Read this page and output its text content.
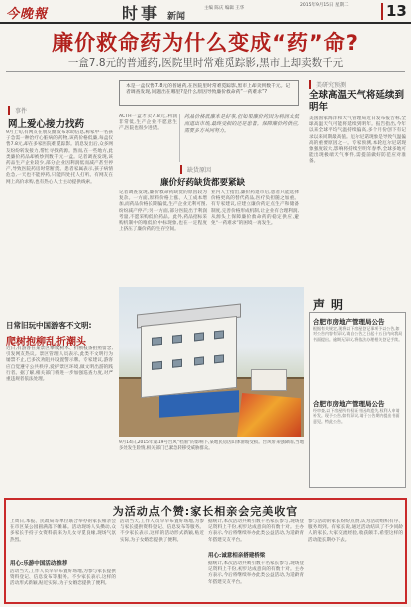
今晚報	时事 新闻
主编 陈庆 编辑 王华
2015年9月15日 星期二	13
廉价救命药为什么变成“药”命?
一盒7.8元的普通药,医院里时常难觅踪影,黑市上却卖数千元
事件
网上爱心接力找药
9月上旬,有网友在朋友圈发布求助信息,称家中一名孩子急需一种治疗心脏病的药物,该药价格低廉,每盒仅售7.8元,却在多家医院难觅踪影。消息发出后,众多网友纷纷转发接力,帮忙寻找药源。然而,在一些地方,此类廉价药品却被炒到数千元一盒。记者调查发现,该药品生产企业较少,部分企业因利润低而减产甚至停产,导致医院药房时常断货。患者家属表示,孩子病情危急,一天也不能停药,只能四处托人打听。有网友在网上高价求购,也有热心人士主动提供线索。
日常旧玩中国游客不文明:
爬树抱柳乱折潮头
近日,有游客在某景区攀爬树木、折断枝条拍照留念,引发网友热议。景区管理人员表示,此类不文明行为屡禁不止,已多次劝阻并设置警示牌。专家建议,游客应自觉遵守公共秩序,爱护景区环境,做文明出游的践行者。据了解,相关部门将进一步加强巡查力度,对严重违规者依法处理。
本是一盒仅售7.8元的普通药,在医院里时常难觅踪影,黑市上却卖到数千元。记者调查发现,问题出在哪里?是什么原因导致廉价救命药“一药难求”?
ACTH一盒才卖7.8元,利润非常低,生产企业不愿意生产,医院也很少进货。
药品价格低廉本是好事,但如果廉价药因为利润太低而退出市场,最终受损的还是患者。保障廉价药供应,需要多方共同努力。
缺货原因
廉价好药缺货都要紧缺
记者调查发现,廉价救命药缺货的原因较为复杂。一方面,原料价格上涨、人工成本增加,而药品价格长期偏低,生产企业无利可图,纷纷减产停产;另一方面,部分医院出于利润考量,不愿采购低价药品。此外,药品招标采购机制中的唯低价中标现象,也在一定程度上挤压了廉价药的生存空间。
业内人士指出,廉价药退市后,患者只能选择价格更高的替代药品,医疗负担随之加重。有专家建议,应建立廉价药定点生产和储备制度,完善价格形成机制,让企业有合理利润,从源头上保障廉价救命药的稳定供应,避免“一药难求”的困境一再发生。
9月14日,2015年第19号台风“杜鹃”的影响下,某地民房因山体滑坡受损。台风带来强降雨,当地多处发生险情,相关部门已紧急转移受威胁群众。
美研究预测
全球高温天气将延续到明年
美国国家海洋和大气管理局近日发布报告称,全球高温天气可能将延续到明年。报告指出,今年以来全球平均气温持续偏高,多个月份创下有记录以来同期最高值。厄尔尼诺现象是导致气温偏高的重要原因之一。专家预测,本轮厄尔尼诺现象强度较大,影响将持续至明年春季,全球多地可能出现极端天气事件,需提前做好防范应对准备。
声明
合肥市房地产管理局公告
根据有关规定,现将以下房屋登记事项予以公告,如对公告内容有异议,请自公告之日起十五日内向我局书面提出。逾期无异议,将依法办理相关登记手续。
合肥市房地产管理局公告
经审查,以下房屋所有权证书因故遗失,权利人申请补发。现予公告,如有异议,请于公告期内提出书面意见。特此公告。
为活动点个赞:家长相亲会完美收官
上周日,本报、民政局等单位联合举办的家长相亲会在市区某公园圆满落下帷幕。活动现场人头攒动,众多家长手持子女资料前来为儿女寻觅良缘,现场气氛热烈。
用心:乐游中国活动推荐
活动当天,工作人员早早布置好场地,为参与家长提供资料登记、信息发布等服务。不少家长表示,这样的活动形式新颖,贴近实际,为子女婚恋提供了便利。
活动当天,工作人员早早布置好场地,为参与家长提供资料登记、信息发布等服务。不少家长表示,这样的活动形式新颖,贴近实际,为子女婚恋提供了便利。
据统计,本次活动共吸引数千名家长参与,现场登记资料上千份,初步达成意向的有数十对。主办方表示,今后将继续举办此类公益活动,为适龄青年搭建交友平台。
用心:诚意相亲搭建桥梁
据统计,本次活动共吸引数千名家长参与,现场登记资料上千份,初步达成意向的有数十对。主办方表示,今后将继续举办此类公益活动,为适龄青年搭建交友平台。
参与活动的家长纷纷点赞,认为活动组织有序、服务周到。有家长说,通过活动结识了不少同龄人的家长,大家交流经验,收获颇丰,希望这样的活动能长期办下去。
